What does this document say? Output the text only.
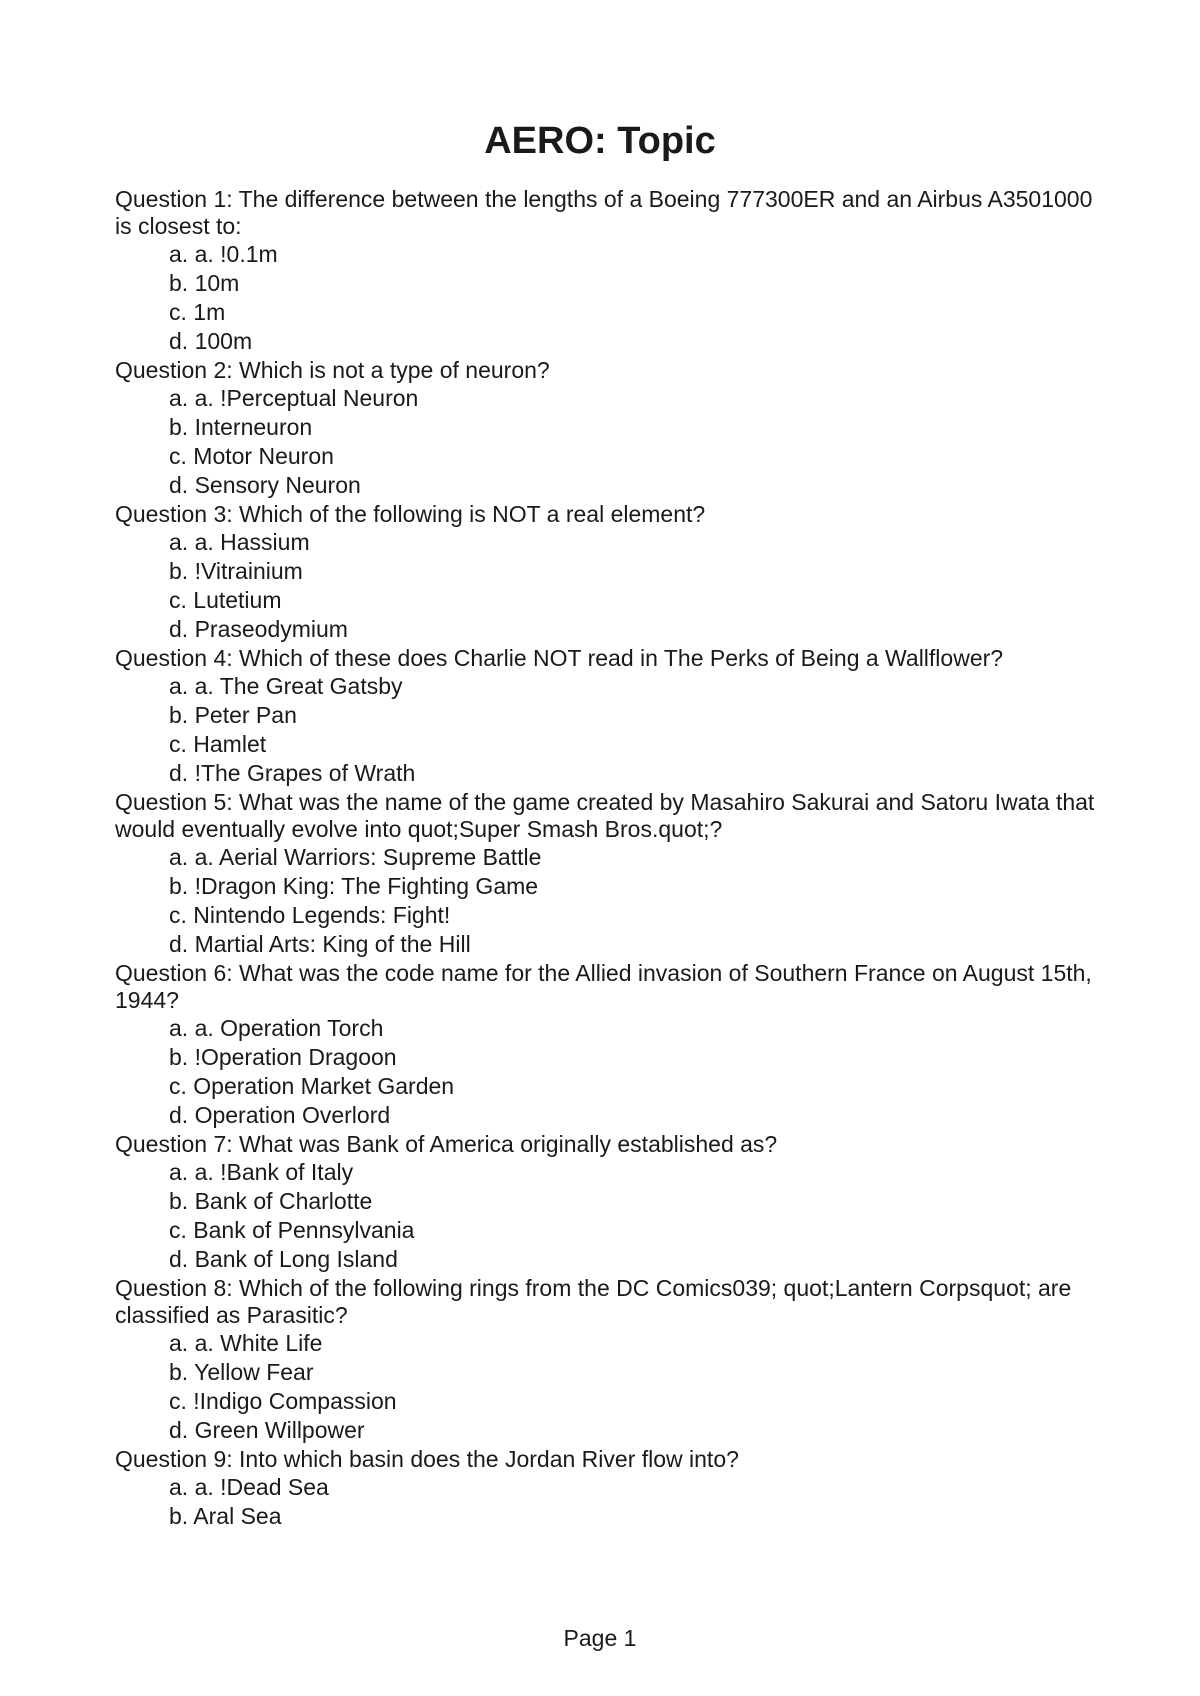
AERO: Topic

Question 1: The difference between the lengths of a Boeing 777300ER and an Airbus A3501000 is closest to:

a. a. !0.1m
b. 10m
c. 1m
d. 100m

Question 2: Which is not a type of neuron?

a. a. !Perceptual Neuron
b. Interneuron
c. Motor Neuron
d. Sensory Neuron

Question 3: Which of the following is NOT a real element?

a. a. Hassium
b. !Vitrainium
c. Lutetium
d. Praseodymium

Question 4: Which of these does Charlie NOT read in The Perks of Being a Wallflower?

a. a. The Great Gatsby
b. Peter Pan
c. Hamlet
d. !The Grapes of Wrath

Question 5: What was the name of the game created by Masahiro Sakurai and Satoru Iwata that would eventually evolve into quot;Super Smash Bros.quot;?

a. a. Aerial Warriors: Supreme Battle
b. !Dragon King: The Fighting Game
c. Nintendo Legends: Fight!
d. Martial Arts: King of the Hill

Question 6: What was the code name for the Allied invasion of Southern France on August 15th, 1944?

a. a. Operation Torch
b. !Operation Dragoon
c. Operation Market Garden
d. Operation Overlord

Question 7: What was Bank of America originally established as?

a. a. !Bank of Italy
b. Bank of Charlotte
c. Bank of Pennsylvania
d. Bank of Long Island

Question 8: Which of the following rings from the DC Comics039; quot;Lantern Corpsquot; are classified as Parasitic?

a. a. White Life
b. Yellow Fear
c. !Indigo Compassion
d. Green Willpower

Question 9: Into which basin does the Jordan River flow into?

a. a. !Dead Sea
b. Aral Sea
Page 1
